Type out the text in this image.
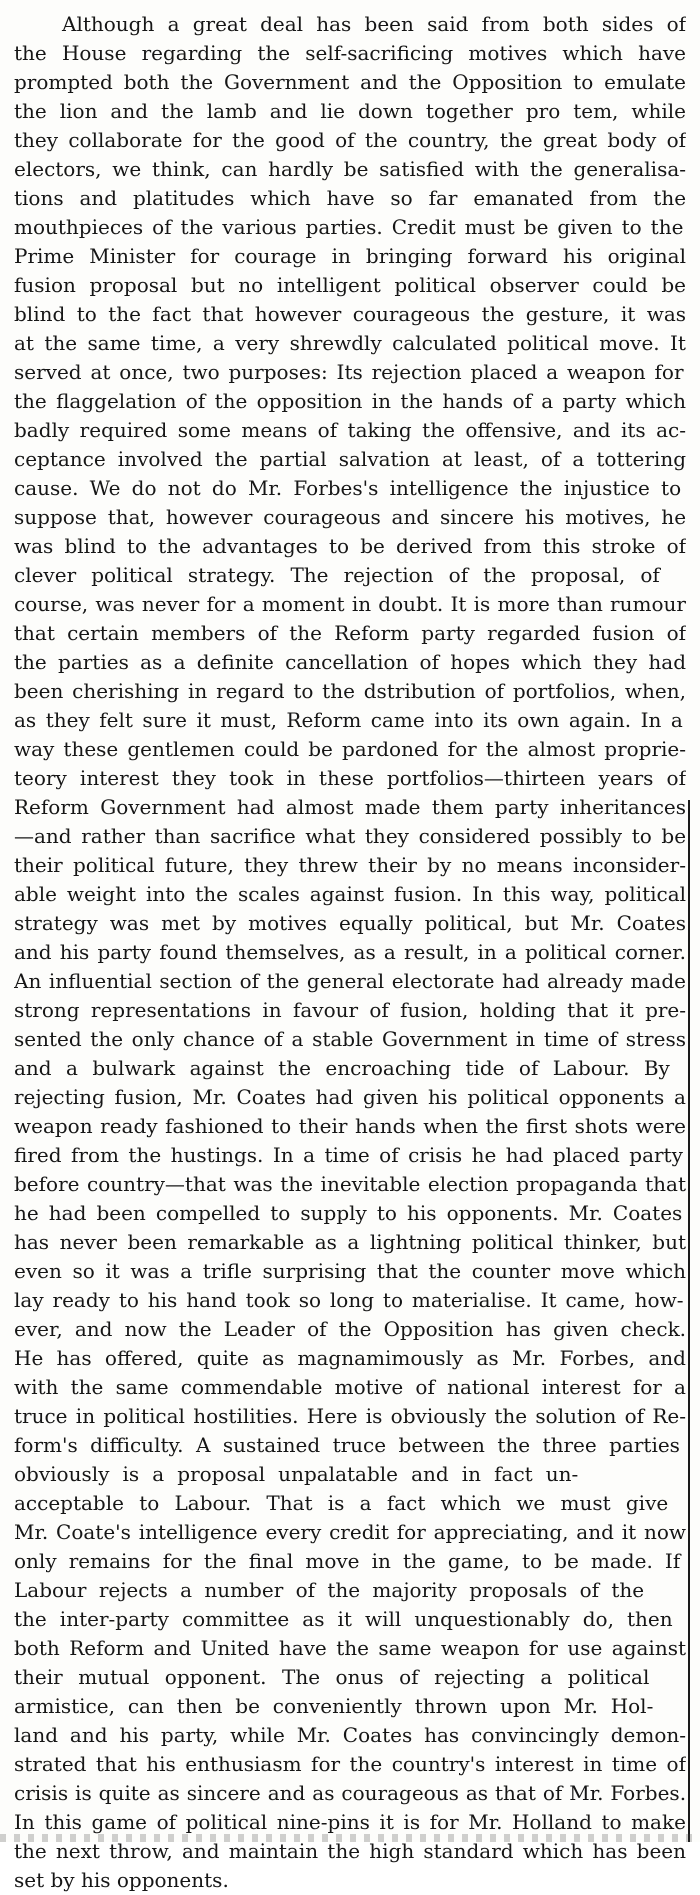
Although a great deal has been said from both sides of
the House regarding the self-sacrificing motives which have
prompted both the Government and the Opposition to emulate
the lion and the lamb and lie down together pro tem, while
they collaborate for the good of the country, the great body of
electors, we think, can hardly be satisfied with the generalisa-
tions and platitudes which have so far emanated from the
mouthpieces of the various parties. Credit must be given to the
Prime Minister for courage in bringing forward his original
fusion proposal but no intelligent political observer could be
blind to the fact that however courageous the gesture, it was
at the same time, a very shrewdly calculated political move. It
served at once, two purposes: Its rejection placed a weapon for
the flaggelation of the opposition in the hands of a party which
badly required some means of taking the offensive, and its ac-
ceptance involved the partial salvation at least, of a tottering
cause. We do not do Mr. Forbes's intelligence the injustice to
suppose that, however courageous and sincere his motives, he
was blind to the advantages to be derived from this stroke of
clever political strategy. The rejection of the proposal, of
course, was never for a moment in doubt. It is more than rumour
that certain members of the Reform party regarded fusion of
the parties as a definite cancellation of hopes which they had
been cherishing in regard to the dstribution of portfolios, when,
as they felt sure it must, Reform came into its own again. In a
way these gentlemen could be pardoned for the almost proprie-
teory interest they took in these portfolios—thirteen years of
Reform Government had almost made them party inheritances
—and rather than sacrifice what they considered possibly to be
their political future, they threw their by no means inconsider-
able weight into the scales against fusion. In this way, political
strategy was met by motives equally political, but Mr. Coates
and his party found themselves, as a result, in a political corner.
An influential section of the general electorate had already made
strong representations in favour of fusion, holding that it pre-
sented the only chance of a stable Government in time of stress
and a bulwark against the encroaching tide of Labour. By
rejecting fusion, Mr. Coates had given his political opponents a
weapon ready fashioned to their hands when the first shots were
fired from the hustings. In a time of crisis he had placed party
before country—that was the inevitable election propaganda that
he had been compelled to supply to his opponents. Mr. Coates
has never been remarkable as a lightning political thinker, but
even so it was a trifle surprising that the counter move which
lay ready to his hand took so long to materialise. It came, how-
ever, and now the Leader of the Opposition has given check.
He has offered, quite as magnamimously as Mr. Forbes, and
with the same commendable motive of national interest for a
truce in political hostilities. Here is obviously the solution of Re-
form's difficulty. A sustained truce between the three parties
obviously is a proposal unpalatable and in fact un-
acceptable to Labour. That is a fact which we must give
Mr. Coate's intelligence every credit for appreciating, and it now
only remains for the final move in the game, to be made. If
Labour rejects a number of the majority proposals of the
the inter-party committee as it will unquestionably do, then
both Reform and United have the same weapon for use against
their mutual opponent. The onus of rejecting a political
armistice, can then be conveniently thrown upon Mr. Hol-
land and his party, while Mr. Coates has convincingly demon-
strated that his enthusiasm for the country's interest in time of
crisis is quite as sincere and as courageous as that of Mr. Forbes.
In this game of political nine-pins it is for Mr. Holland to make
the next throw, and maintain the high standard which has been
set by his opponents.
